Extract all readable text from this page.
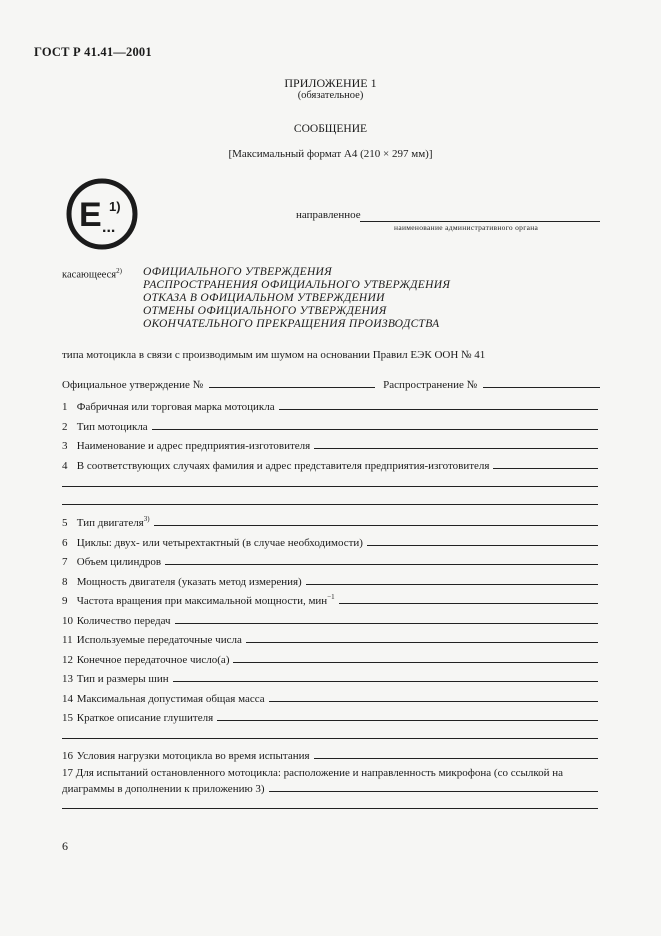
ГОСТ Р 41.41—2001
ПРИЛОЖЕНИЕ 1
(обязательное)
СООБЩЕНИЕ
[Максимальный формат А4 (210 × 297 мм)]
E 1)
...
направленное
наименование административного органа
касающееся$^{2)}$ ОФИЦИАЛЬНОГО УТВЕРЖДЕНИЯ
РАСПРОСТРАНЕНИЯ ОФИЦИАЛЬНОГО УТВЕРЖДЕНИЯ
ОТКАЗА В ОФИЦИАЛЬНОМ УТВЕРЖДЕНИИ
ОТМЕНЫ ОФИЦИАЛЬНОГО УТВЕРЖДЕНИЯ
ОКОНЧАТЕЛЬНОГО ПРЕКРАЩЕНИЯ ПРОИЗВОДСТВА
типа мотоцикла в связи с производимым им шумом на основании Правил ЕЭК ООН № 41
Официальное утверждение №	Распространение №
1
Фабричная или торговая марка мотоцикла
2
Тип мотоцикла
3
Наименование и адрес предприятия-изготовителя
4
В соответствующих случаях фамилия и адрес представителя предприятия-изготовителя
5
Тип двигателя$^{3)}$
6
Циклы: двух- или четырехтактный (в случае необходимости)
7
Объем цилиндров
8
Мощность двигателя (указать метод измерения)
9
Частота вращения при максимальной мощности, мин$^{-1}$
10
Количество передач
11
Используемые передаточные числа
12
Конечное передаточное число(а)
13
Тип и размеры шин
14
Максимальная допустимая общая масса
15
Краткое описание глушителя
16
Условия нагрузки мотоцикла во время испытания
17 Для испытаний остановленного мотоцикла: расположение и направленность микрофона (со ссылкой на
диаграммы в дополнении к приложению 3)
6
